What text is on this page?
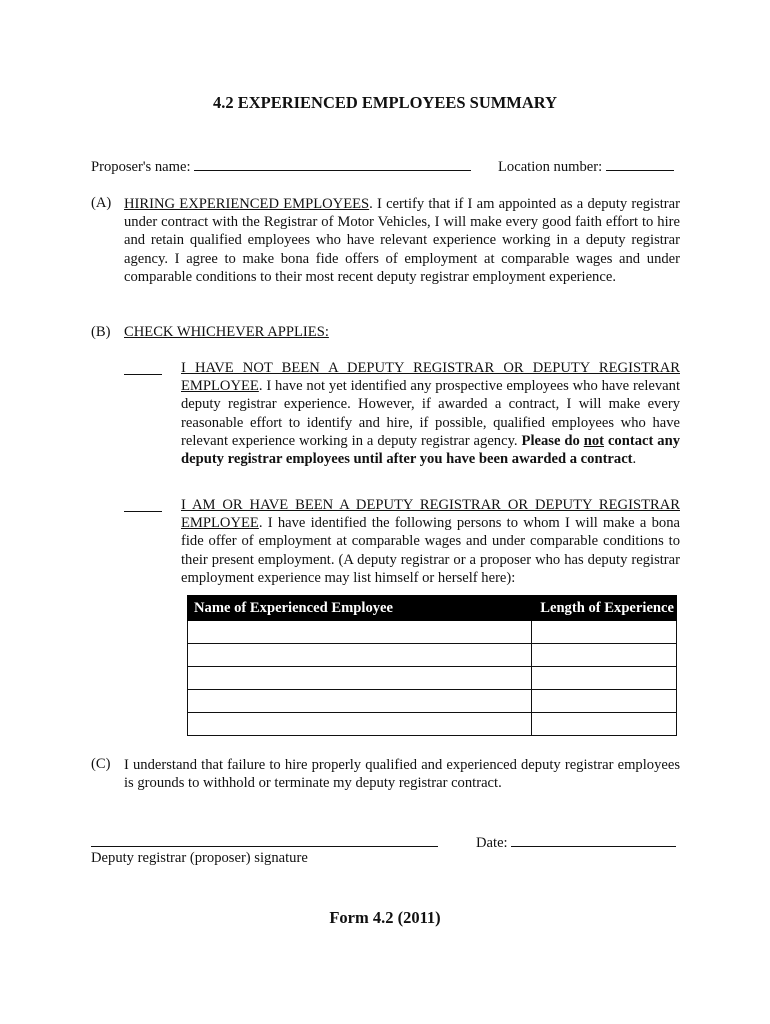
4.2 EXPERIENCED EMPLOYEES SUMMARY
Proposer's name:	Location number:
(A) HIRING EXPERIENCED EMPLOYEES. I certify that if I am appointed as a deputy registrar under contract with the Registrar of Motor Vehicles, I will make every good faith effort to hire and retain qualified employees who have relevant experience working in a deputy registrar agency. I agree to make bona fide offers of employment at comparable wages and under comparable conditions to their most recent deputy registrar employment experience.
(B) CHECK WHICHEVER APPLIES:
I HAVE NOT BEEN A DEPUTY REGISTRAR OR DEPUTY REGISTRAR EMPLOYEE. I have not yet identified any prospective employees who have relevant deputy registrar experience. However, if awarded a contract, I will make every reasonable effort to identify and hire, if possible, qualified employees who have relevant experience working in a deputy registrar agency. Please do not contact any deputy registrar employees until after you have been awarded a contract.
I AM OR HAVE BEEN A DEPUTY REGISTRAR OR DEPUTY REGISTRAR EMPLOYEE. I have identified the following persons to whom I will make a bona fide offer of employment at comparable wages and under comparable conditions to their present employment. (A deputy registrar or a proposer who has deputy registrar employment experience may list himself or herself here):
Name of Experienced Employee	Length of Experience

(C) I understand that failure to hire properly qualified and experienced deputy registrar employees is grounds to withhold or terminate my deputy registrar contract.
Deputy registrar (proposer) signature
Date:
Form 4.2 (2011)
